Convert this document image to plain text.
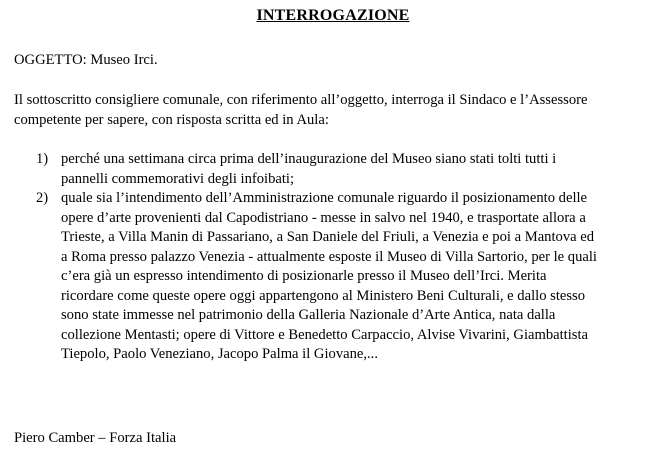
INTERROGAZIONE
OGGETTO: Museo Irci.
Il sottoscritto consigliere comunale, con riferimento all’oggetto, interroga il Sindaco e l’Assessore
competente per sapere, con risposta scritta ed in Aula:
1) perché una settimana circa prima dell’inaugurazione del Museo siano stati tolti tutti i
pannelli commemorativi degli infoibati;
2) quale sia l’intendimento dell’Amministrazione comunale riguardo il posizionamento delle
opere d’arte provenienti dal Capodistriano - messe in salvo nel 1940, e trasportate allora a
Trieste, a Villa Manin di Passariano, a San Daniele del Friuli, a Venezia e poi a Mantova ed
a Roma presso palazzo Venezia - attualmente esposte il Museo di Villa Sartorio, per le quali
c’era già un espresso intendimento di posizionarle presso il Museo dell’Irci. Merita
ricordare come queste opere oggi appartengono al Ministero Beni Culturali, e dallo stesso
sono state immesse nel patrimonio della Galleria Nazionale d’Arte Antica, nata dalla
collezione Mentasti; opere di Vittore e Benedetto Carpaccio, Alvise Vivarini, Giambattista
Tiepolo, Paolo Veneziano, Jacopo Palma il Giovane,...
Piero Camber – Forza Italia
